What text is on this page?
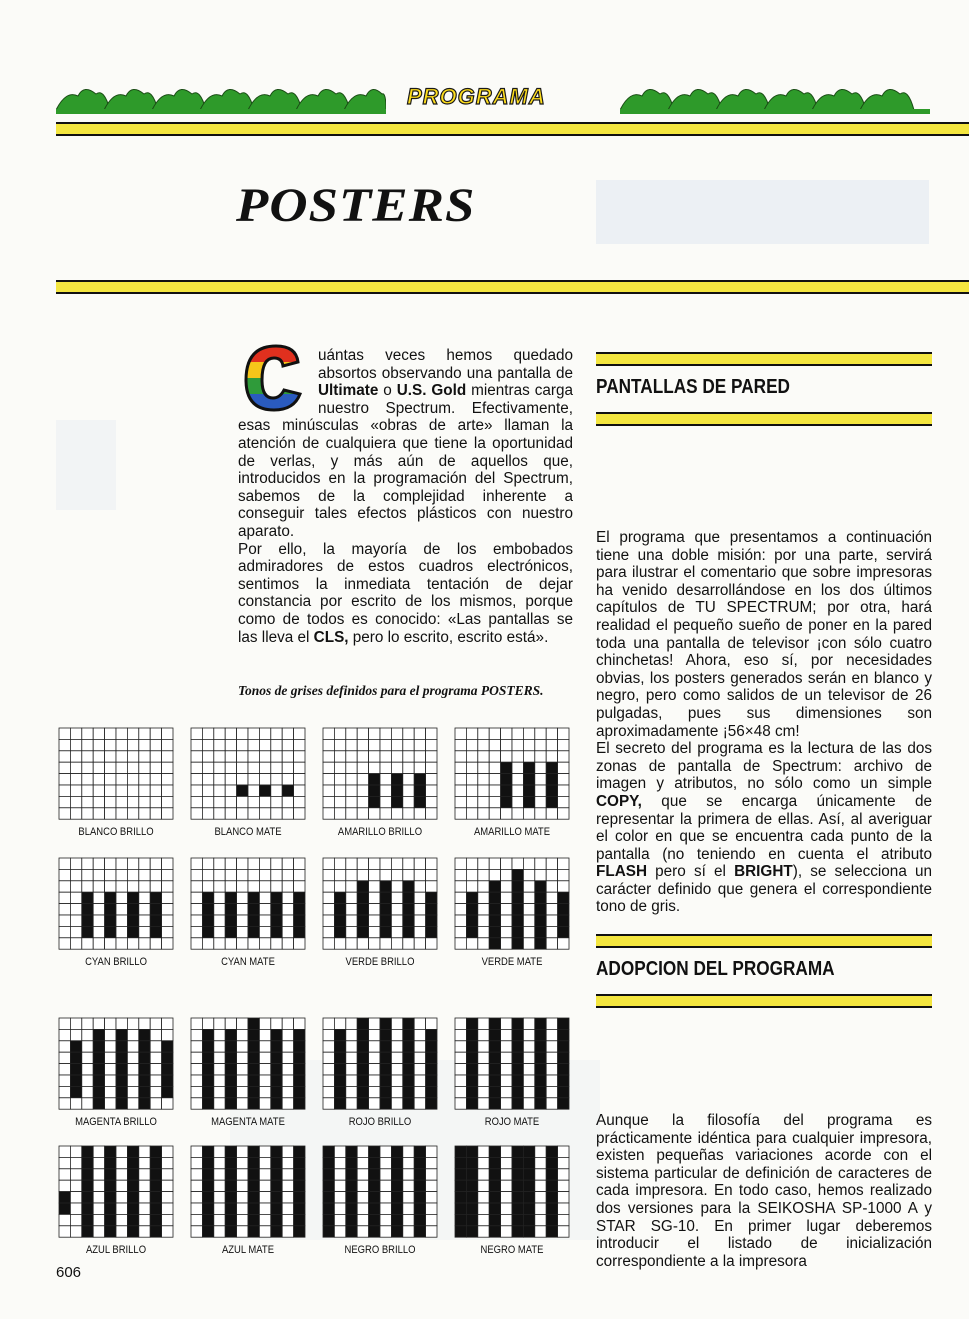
PROGRAMA
POSTERS

uántas veces hemos quedado absortos observando una pantalla de Ultimate o U.S. Gold mientras carga nuestro Spectrum. Efectivamente, esas minúsculas «obras de arte» llaman la atención de cualquiera que tiene la oportunidad de verlas, y más aún de aquellos que, introducidos en la programación del Spectrum, sabemos de la complejidad inherente a conseguir tales efectos plásticos con nuestro aparato.

Por ello, la mayoría de los embobados admiradores de estos cuadros electrónicos, sentimos la inmediata tentación de dejar constancia por escrito de los mismos, porque como de todos es conocido: «Las pantallas se las lleva el CLS, pero lo escrito, escrito está».

Tonos de grises definidos para el programa POSTERS.
BLANCO BRILLO	BLANCO MATE	AMARILLO BRILLO	AMARILLO MATE
CYAN BRILLO	CYAN MATE	VERDE BRILLO	VERDE MATE
MAGENTA BRILLO	MAGENTA MATE	ROJO BRILLO	ROJO MATE
AZUL BRILLO	AZUL MATE	NEGRO BRILLO	NEGRO MATE
PANTALLAS DE PARED

El programa que presentamos a continuación tiene una doble misión: por una parte, servirá para ilustrar el comentario que sobre impresoras ha venido desarrollándose en los dos últimos capítulos de TU SPECTRUM; por otra, hará realidad el pequeño sueño de poner en la pared toda una pantalla de televisor ¡con sólo cuatro chinchetas! Ahora, eso sí, por necesidades obvias, los posters generados serán en blanco y negro, pero como salidos de un televisor de 26 pulgadas, pues sus dimensiones son aproximadamente ¡56×48 cm!

El secreto del programa es la lectura de las dos zonas de pantalla de Spectrum: archivo de imagen y atributos, no sólo como un simple COPY, que se encarga únicamente de representar la primera de ellas. Así, al averiguar el color en que se encuentra cada punto de la pantalla (no teniendo en cuenta el atributo FLASH pero sí el BRIGHT), se selecciona un carácter definido que genera el correspondiente tono de gris.

ADOPCION DEL PROGRAMA

Aunque la filosofía del programa es prácticamente idéntica para cualquier impresora, existen pequeñas variaciones acorde con el sistema particular de definición de caracteres de cada impresora. En todo caso, hemos realizado dos versiones para la SEIKOSHA SP-1000 A y STAR SG-10. En primer lugar deberemos introducir el listado de inicialización correspondiente a la impresora

606
